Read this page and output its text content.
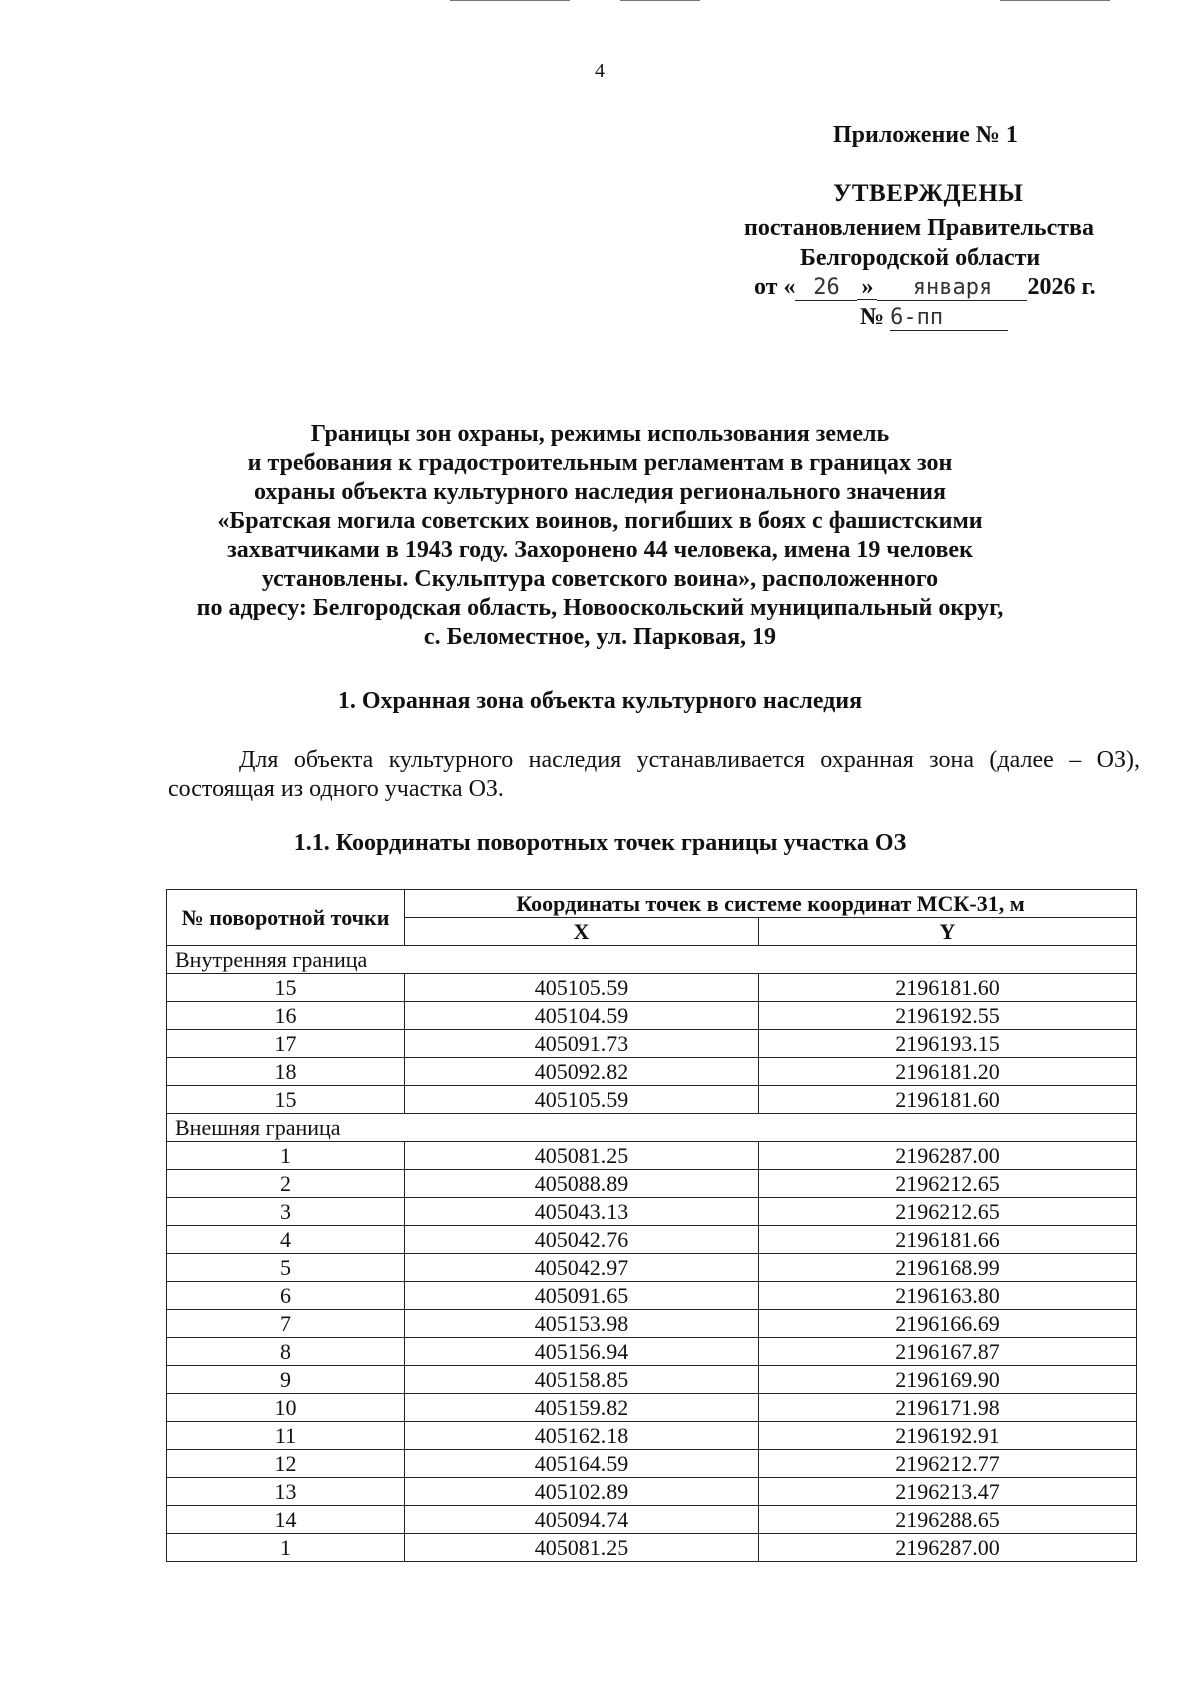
4
Приложение № 1
УТВЕРЖДЕНЫ
постановлением Правительства
Белгородской области
от « 26 » января 2026 г.
№ 6-пп
Границы зон охраны, режимы использования земель
и требования к градостроительным регламентам в границах зон
охраны объекта культурного наследия регионального значения
«Братская могила советских воинов, погибших в боях с фашистскими
захватчиками в 1943 году. Захоронено 44 человека, имена 19 человек
установлены. Скульптура советского воина», расположенного
по адресу: Белгородская область, Новооскольский муниципальный округ,
с. Беломестное, ул. Парковая, 19
1. Охранная зона объекта культурного наследия
Для объекта культурного наследия устанавливается охранная зона (далее – ОЗ), состоящая из одного участка ОЗ.
1.1. Координаты поворотных точек границы участка ОЗ
№ поворотной точки	Координаты точек в системе координат МСК-31, м	
	X	Y
Внутренняя граница		
15	405105.59	2196181.60
16	405104.59	2196192.55
17	405091.73	2196193.15
18	405092.82	2196181.20
15	405105.59	2196181.60
Внешняя граница		
1	405081.25	2196287.00
2	405088.89	2196212.65
3	405043.13	2196212.65
4	405042.76	2196181.66
5	405042.97	2196168.99
6	405091.65	2196163.80
7	405153.98	2196166.69
8	405156.94	2196167.87
9	405158.85	2196169.90
10	405159.82	2196171.98
11	405162.18	2196192.91
12	405164.59	2196212.77
13	405102.89	2196213.47
14	405094.74	2196288.65
1	405081.25	2196287.00
